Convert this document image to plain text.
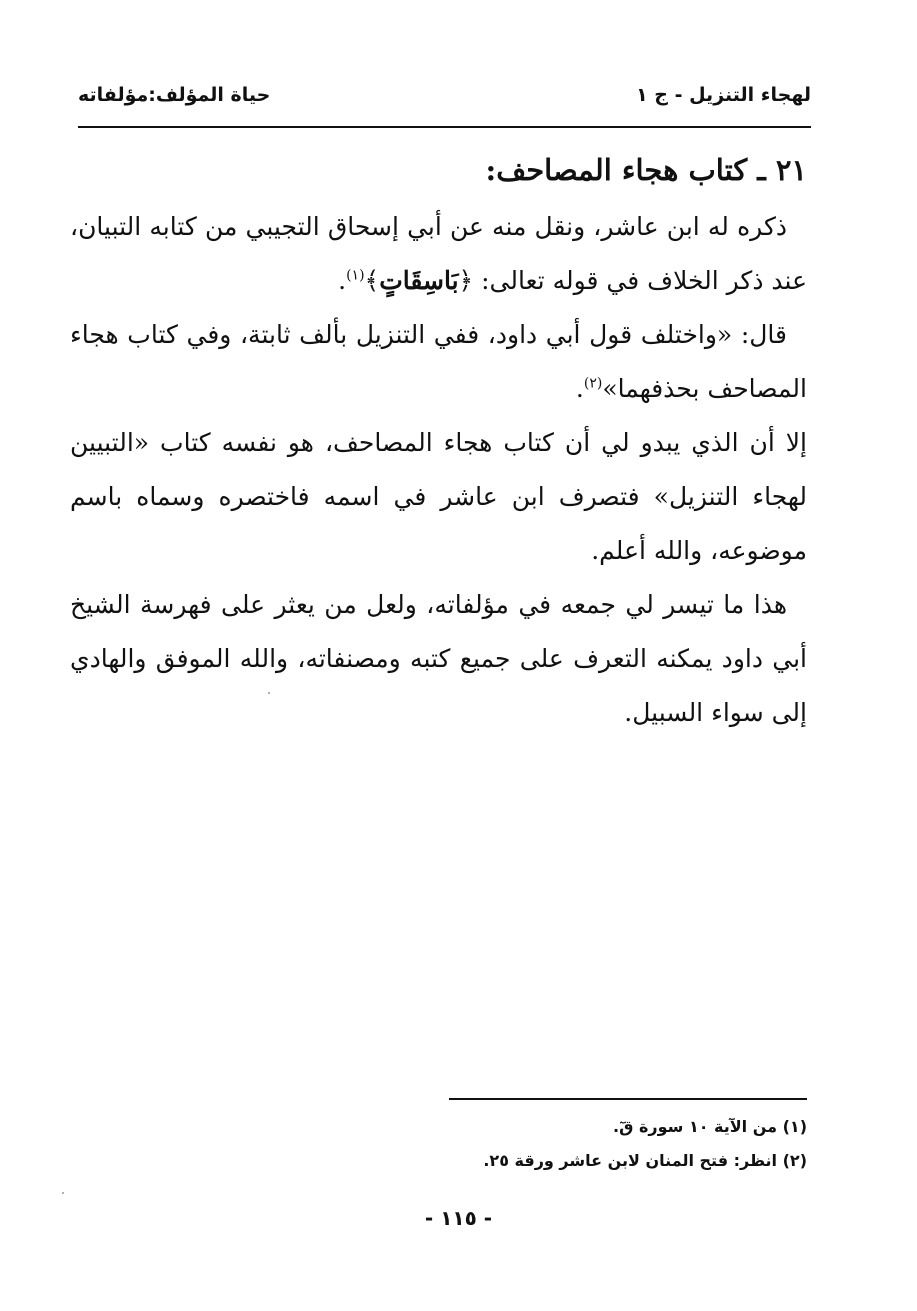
لهجاء التنزيل - ج ١
حياة المؤلف:مؤلفاته
٢١ ـ كتاب هجاء المصاحف:

ذكره له ابن عاشر، ونقل منه عن أبي إسحاق التجيبي من كتابه التبيان، عند ذكر الخلاف في قوله تعالى: ﴿بَاسِقَاتٍ﴾$^{(١)}$.

قال: «واختلف قول أبي داود، ففي التنزيل بألف ثابتة، وفي كتاب هجاء المصاحف بحذفهما»$^{(٢)}$.

إلا أن الذي يبدو لي أن كتاب هجاء المصاحف، هو نفسه كتاب «التبيين لهجاء التنزيل» فتصرف ابن عاشر في اسمه فاختصره وسماه باسم موضوعه، والله أعلم.

هذا ما تيسر لي جمعه في مؤلفاته، ولعل من يعثر على فهرسة الشيخ أبي داود يمكنه التعرف على جميع كتبه ومصنفاته، والله الموفق والهادي إلى سواء السبيل.

(١) من الآية ١٠ سورة قٓ.
(٢) انظر: فتح المنان لابن عاشر ورقة ٢٥.
- ١١٥ -
